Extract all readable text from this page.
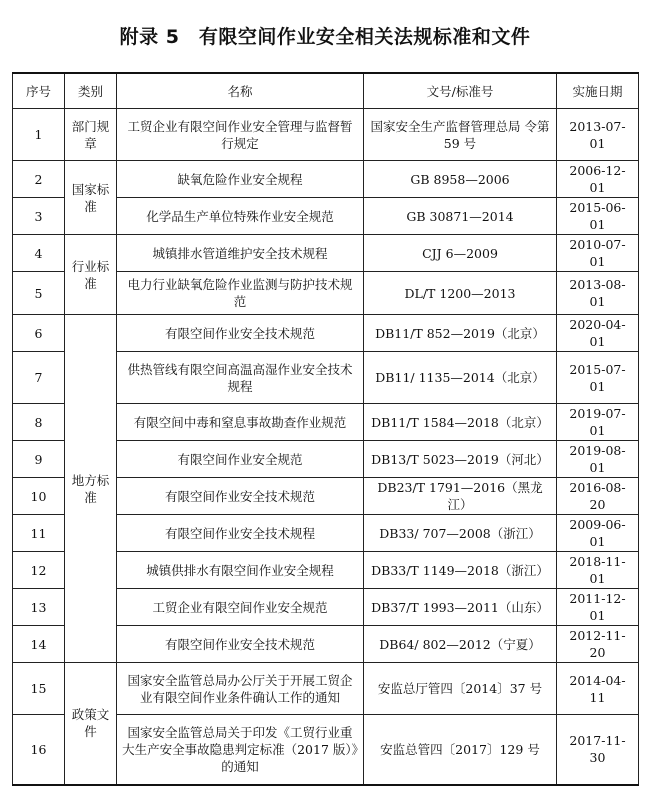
附录 5　有限空间作业安全相关法规标准和文件
序号	类别	名称	文号/标准号	实施日期
1	部门规章	工贸企业有限空间作业安全管理与监督暂行规定	国家安全生产监督管理总局 令第 59 号	2013-07-01
2	国家标准	缺氧危险作业安全规程	GB 8958—2006	2006-12-01
3		化学品生产单位特殊作业安全规范	GB 30871—2014	2015-06-01
4	行业标准	城镇排水管道维护安全技术规程	CJJ 6—2009	2010-07-01
5		电力行业缺氧危险作业监测与防护技术规范	DL/T 1200—2013	2013-08-01
6	地方标准	有限空间作业安全技术规范	DB11/T 852—2019（北京）	2020-04-01
7		供热管线有限空间高温高湿作业安全技术规程	DB11/ 1135—2014（北京）	2015-07-01
8		有限空间中毒和窒息事故勘查作业规范	DB11/T 1584—2018（北京）	2019-07-01
9		有限空间作业安全规范	DB13/T 5023—2019（河北）	2019-08-01
10		有限空间作业安全技术规范	DB23/T 1791—2016（黑龙江）	2016-08-20
11		有限空间作业安全技术规程	DB33/ 707—2008（浙江）	2009-06-01
12		城镇供排水有限空间作业安全规程	DB33/T 1149—2018（浙江）	2018-11-01
13		工贸企业有限空间作业安全规范	DB37/T 1993—2011（山东）	2011-12-01
14		有限空间作业安全技术规范	DB64/ 802—2012（宁夏）	2012-11-20
15	政策文件	国家安全监管总局办公厅关于开展工贸企业有限空间作业条件确认工作的通知	安监总厅管四〔2014〕37 号	2014-04-11
16		国家安全监管总局关于印发《工贸行业重大生产安全事故隐患判定标准（2017 版）》的通知	安监总管四〔2017〕129 号	2017-11-30
